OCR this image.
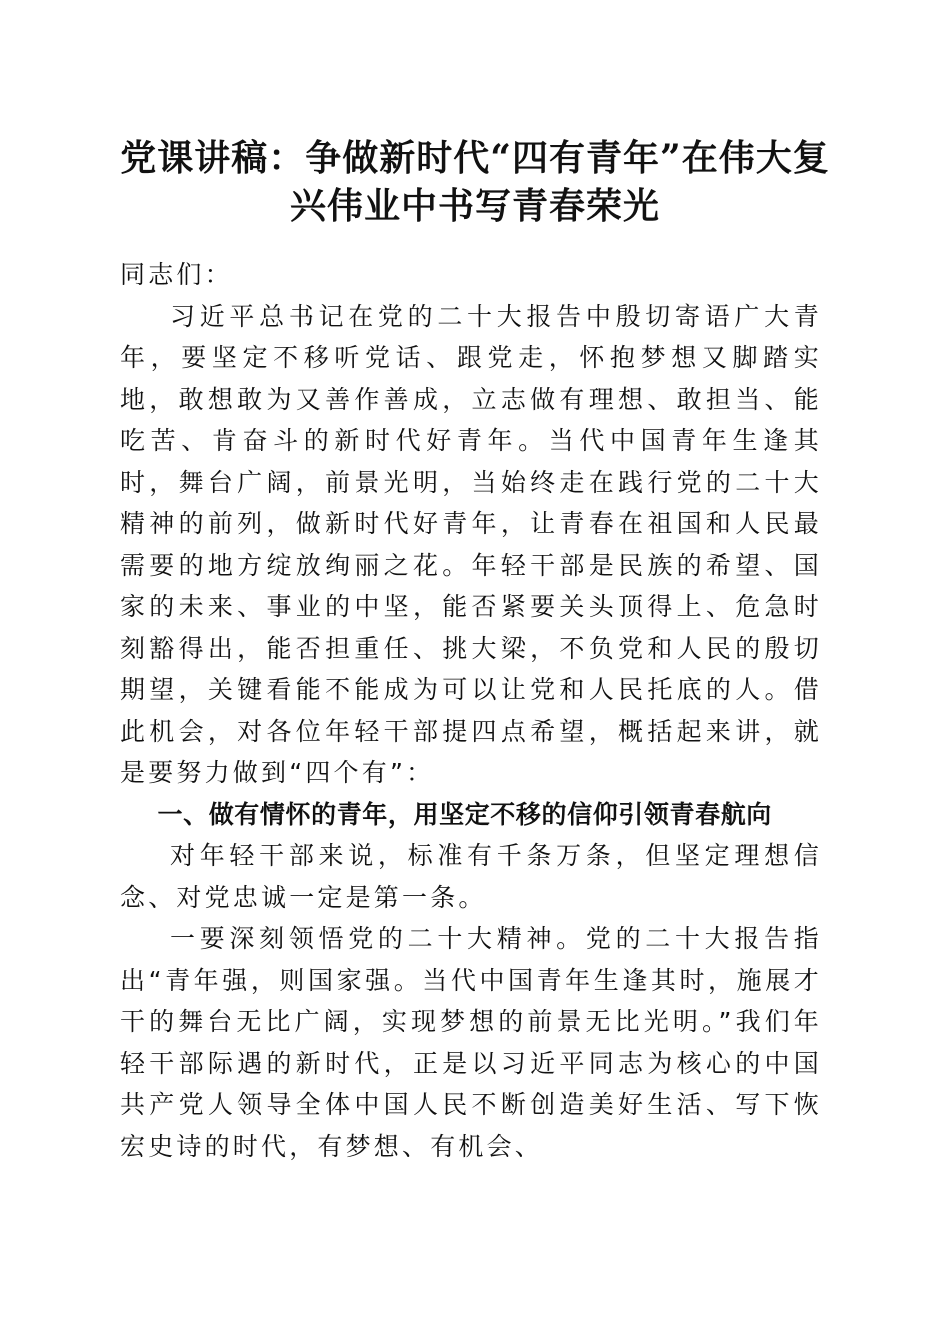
党课讲稿：争做新时代“四有青年”在伟大复
兴伟业中书写青春荣光

同志们：

习近平总书记在党的二十大报告中殷切寄语广大青年，要坚定不移听党话、跟党走，怀抱梦想又脚踏实地，敢想敢为又善作善成，立志做有理想、敢担当、能吃苦、肯奋斗的新时代好青年。当代中国青年生逢其时，舞台广阔，前景光明，当始终走在践行党的二十大精神的前列，做新时代好青年，让青春在祖国和人民最需要的地方绽放绚丽之花。年轻干部是民族的希望、国家的未来、事业的中坚，能否紧要关头顶得上、危急时刻豁得出，能否担重任、挑大梁，不负党和人民的殷切期望，关键看能不能成为可以让党和人民托底的人。借此机会，对各位年轻干部提四点希望，概括起来讲，就是要努力做到“四个有”：

一、做有情怀的青年，用坚定不移的信仰引领青春航向

对年轻干部来说，标准有千条万条，但坚定理想信念、对党忠诚一定是第一条。

一要深刻领悟党的二十大精神。党的二十大报告指出“青年强，则国家强。当代中国青年生逢其时，施展才干的舞台无比广阔，实现梦想的前景无比光明。”我们年轻干部际遇的新时代，正是以习近平同志为核心的中国共产党人领导全体中国人民不断创造美好生活、写下恢宏史诗的时代，有梦想、有机会、
